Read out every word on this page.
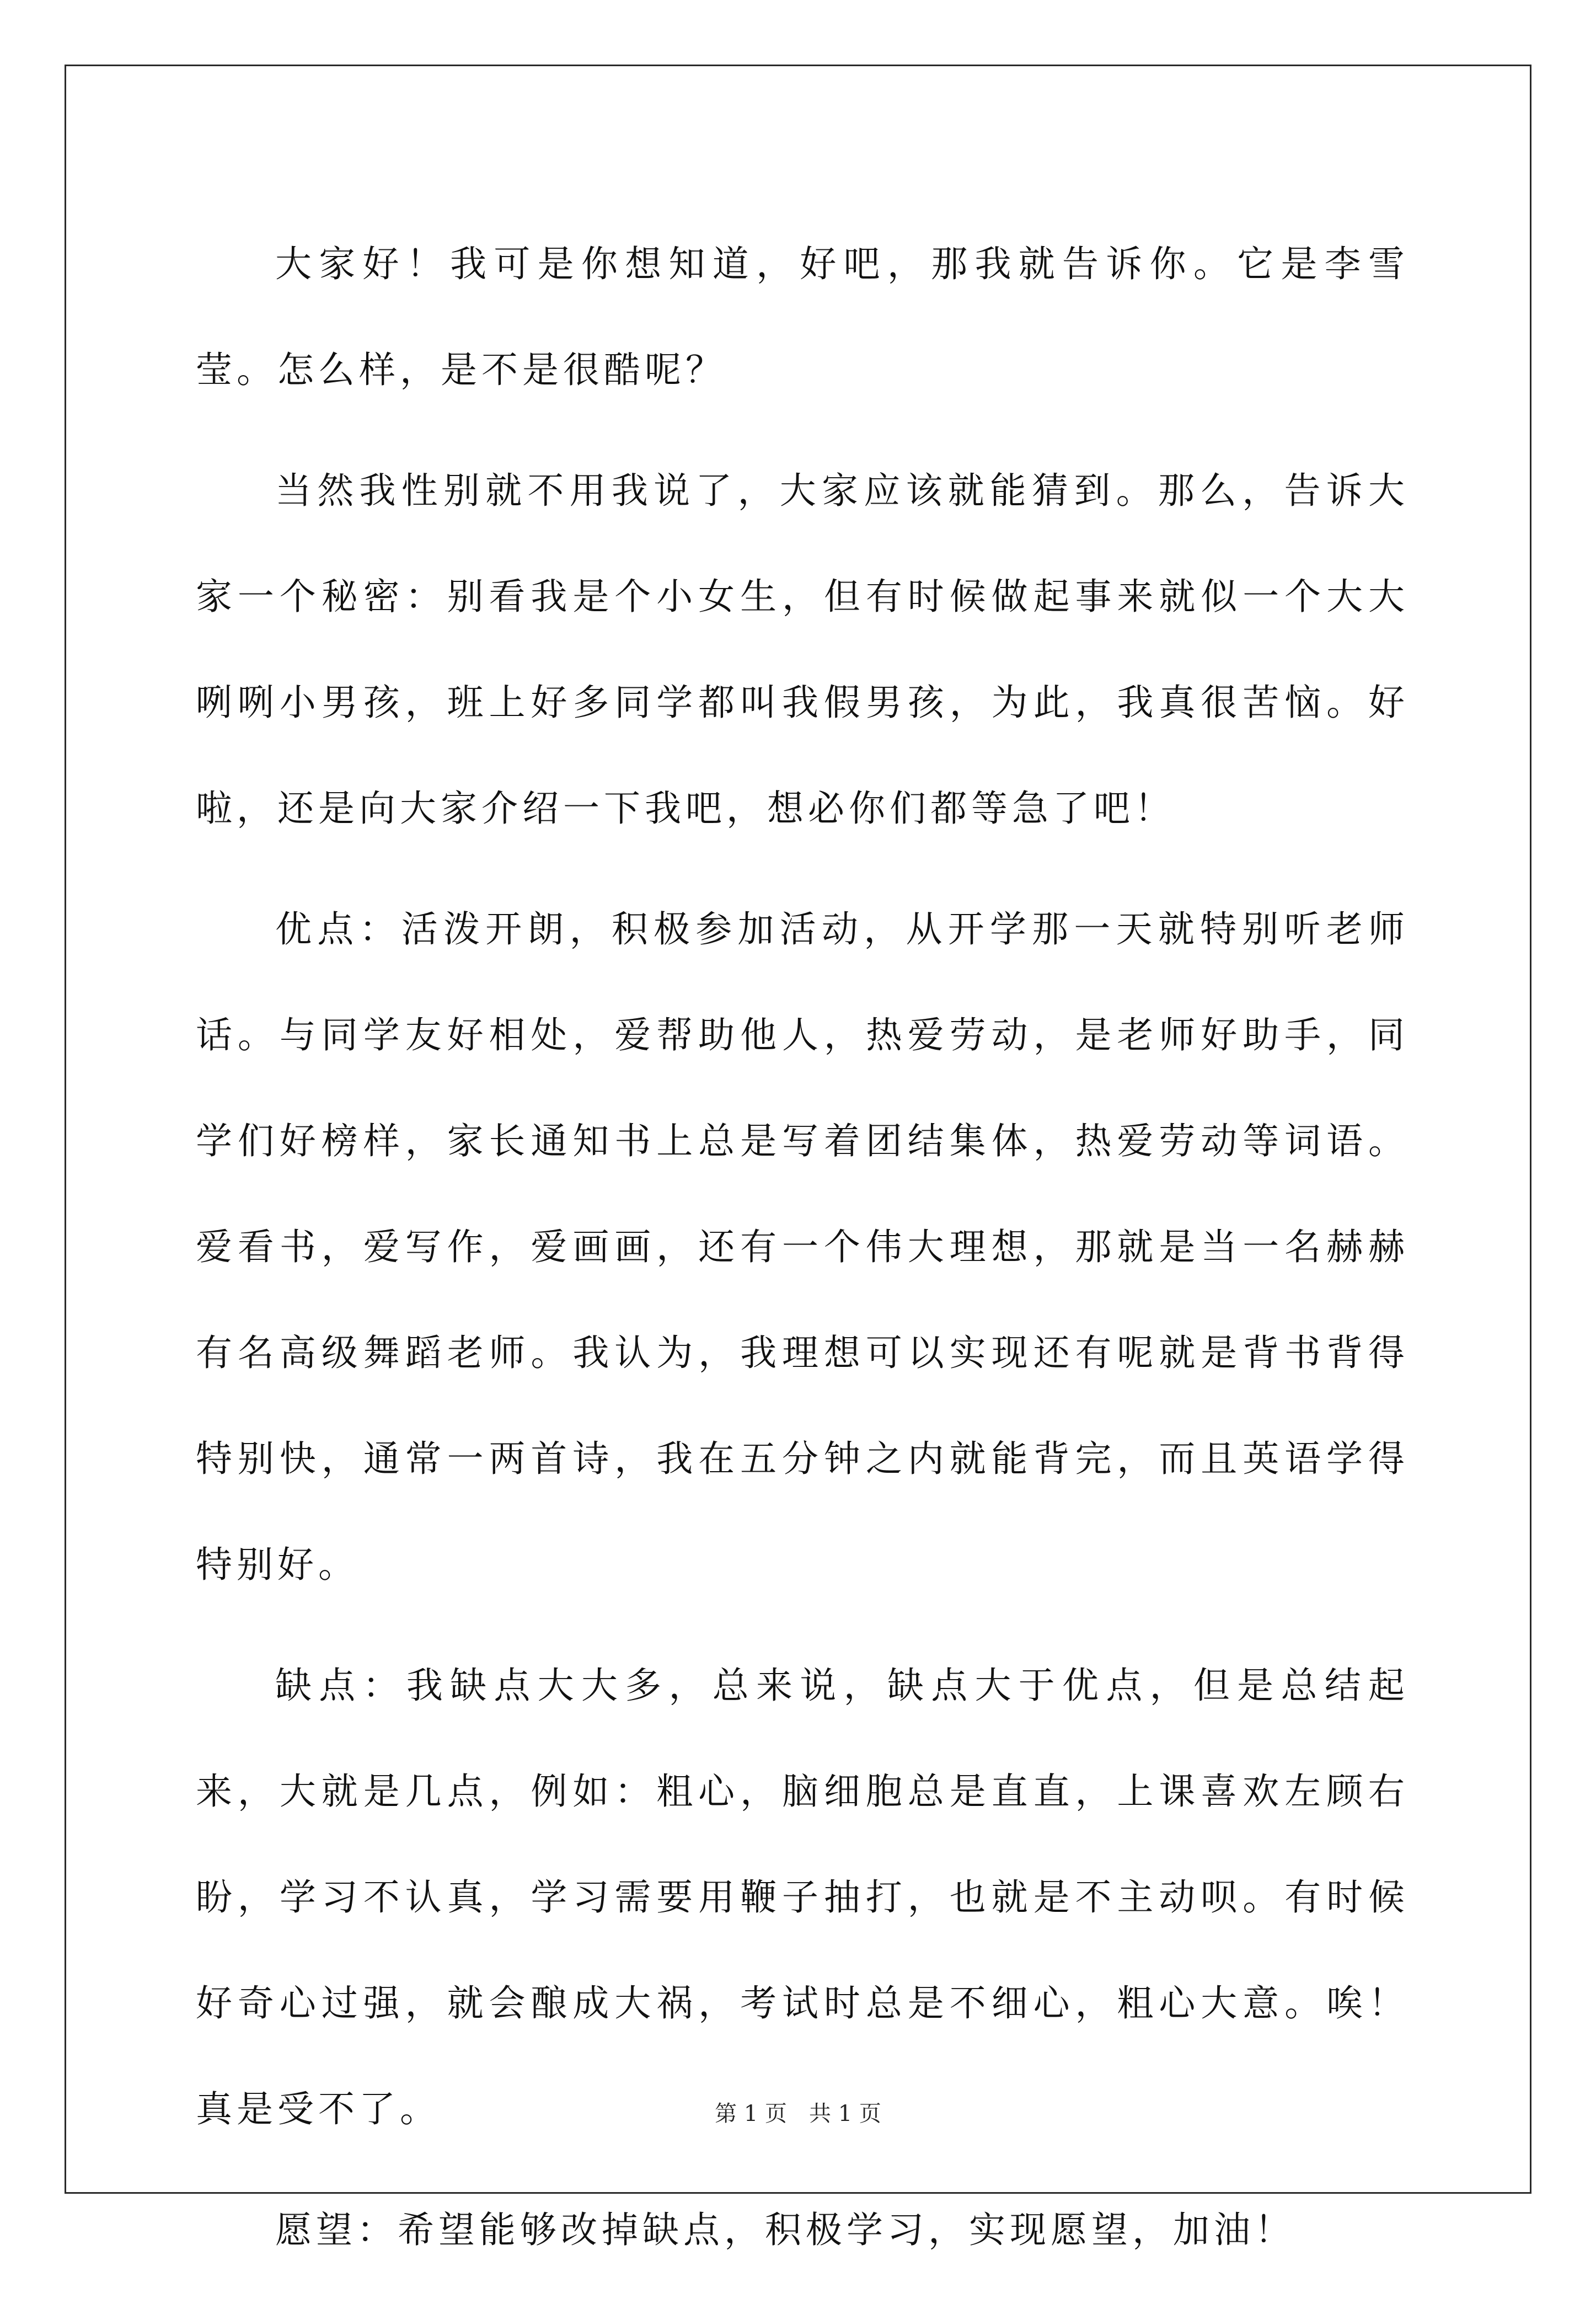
大家好！我可是你想知道，好吧，那我就告诉你。它是李雪莹。怎么样，是不是很酷呢？

当然我性别就不用我说了，大家应该就能猜到。那么，告诉大家一个秘密：别看我是个小女生，但有时候做起事来就似一个大大咧咧小男孩，班上好多同学都叫我假男孩，为此，我真很苦恼。好啦，还是向大家介绍一下我吧，想必你们都等急了吧！

优点：活泼开朗，积极参加活动，从开学那一天就特别听老师话。与同学友好相处，爱帮助他人，热爱劳动，是老师好助手，同学们好榜样，家长通知书上总是写着团结集体，热爱劳动等词语。爱看书，爱写作，爱画画，还有一个伟大理想，那就是当一名赫赫有名高级舞蹈老师。我认为，我理想可以实现还有呢就是背书背得特别快，通常一两首诗，我在五分钟之内就能背完，而且英语学得特别好。

缺点：我缺点大大多，总来说，缺点大于优点，但是总结起来，大就是几点，例如：粗心，脑细胞总是直直，上课喜欢左顾右盼，学习不认真，学习需要用鞭子抽打，也就是不主动呗。有时候好奇心过强，就会酿成大祸，考试时总是不细心，粗心大意。唉！真是受不了。

愿望：希望能够改掉缺点，积极学习，实现愿望，加油！

第 1 页　共 1 页
